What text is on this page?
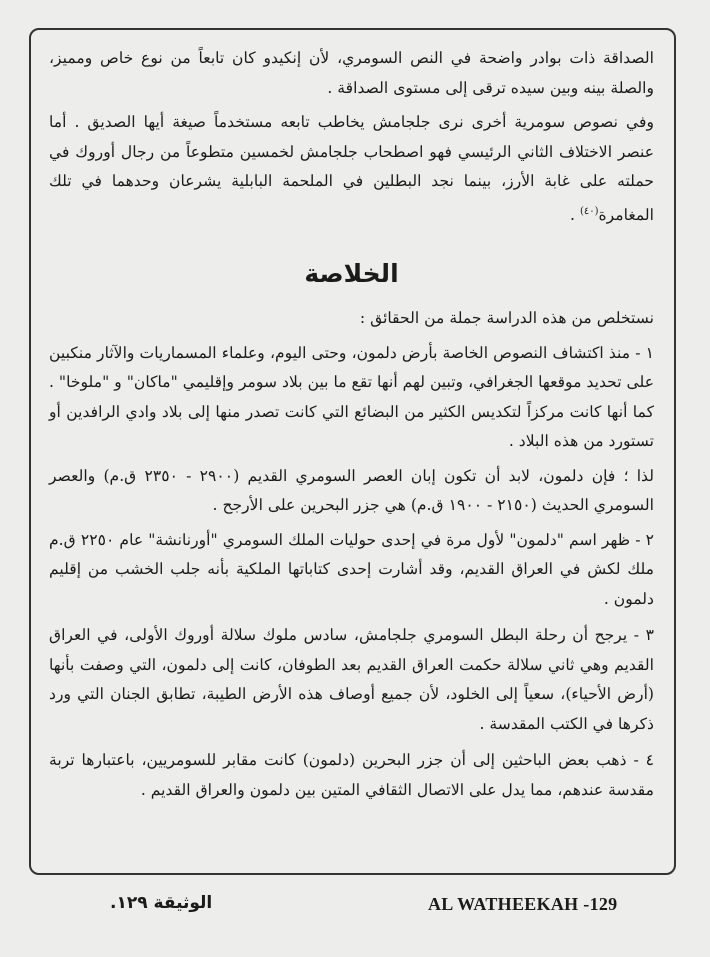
الصداقة ذات بوادر واضحة في النص السومري، لأن إنكيدو كان تابعاً من نوع خاص ومميز، والصلة بينه وبين سيده ترقى إلى مستوى الصداقة .

وفي نصوص سومرية أخرى نرى جلجامش يخاطب تابعه مستخدماً صيغة أيها الصديق . أما عنصر الاختلاف الثاني الرئيسي فهو اصطحاب جلجامش لخمسين متطوعاً من رجال أوروك في حملته على غابة الأرز، بينما نجد البطلين في الملحمة البابلية يشرعان وحدهما في تلك المغامرة$^{(٤٠)}$ .

الخلاصة

نستخلص من هذه الدراسة جملة من الحقائق :

١ - منذ اكتشاف النصوص الخاصة بأرض دلمون، وحتى اليوم، وعلماء المسماريات والآثار منكبين على تحديد موقعها الجغرافي، وتبين لهم أنها تقع ما بين بلاد سومر وإقليمي "ماكان" و "ملوخا" . كما أنها كانت مركزاً لتكديس الكثير من البضائع التي كانت تصدر منها إلى بلاد وادي الرافدين أو تستورد من هذه البلاد .

لذا ؛ فإن دلمون، لابد أن تكون إبان العصر السومري القديم (٢٩٠٠ - ٢٣٥٠ ق.م) والعصر السومري الحديث (٢١٥٠ - ١٩٠٠ ق.م) هي جزر البحرين على الأرجح .

٢ - ظهر اسم "دلمون" لأول مرة في إحدى حوليات الملك السومري "أورنانشة" عام ٢٢٥٠ ق.م ملك لكش في العراق القديم، وقد أشارت إحدى كتاباتها الملكية بأنه جلب الخشب من إقليم دلمون .

٣ - يرجح أن رحلة البطل السومري جلجامش، سادس ملوك سلالة أوروك الأولى، في العراق القديم وهي ثاني سلالة حكمت العراق القديم بعد الطوفان، كانت إلى دلمون، التي وصفت بأنها (أرض الأحياء)، سعياً إلى الخلود، لأن جميع أوصاف هذه الأرض الطيبة، تطابق الجنان التي ورد ذكرها في الكتب المقدسة .

٤ - ذهب بعض الباحثين إلى أن جزر البحرين (دلمون) كانت مقابر للسومريين، باعتبارها تربة مقدسة عندهم، مما يدل على الاتصال الثقافي المتين بين دلمون والعراق القديم .

الوثيقة ١٢٩.	AL WATHEEKAH -129
